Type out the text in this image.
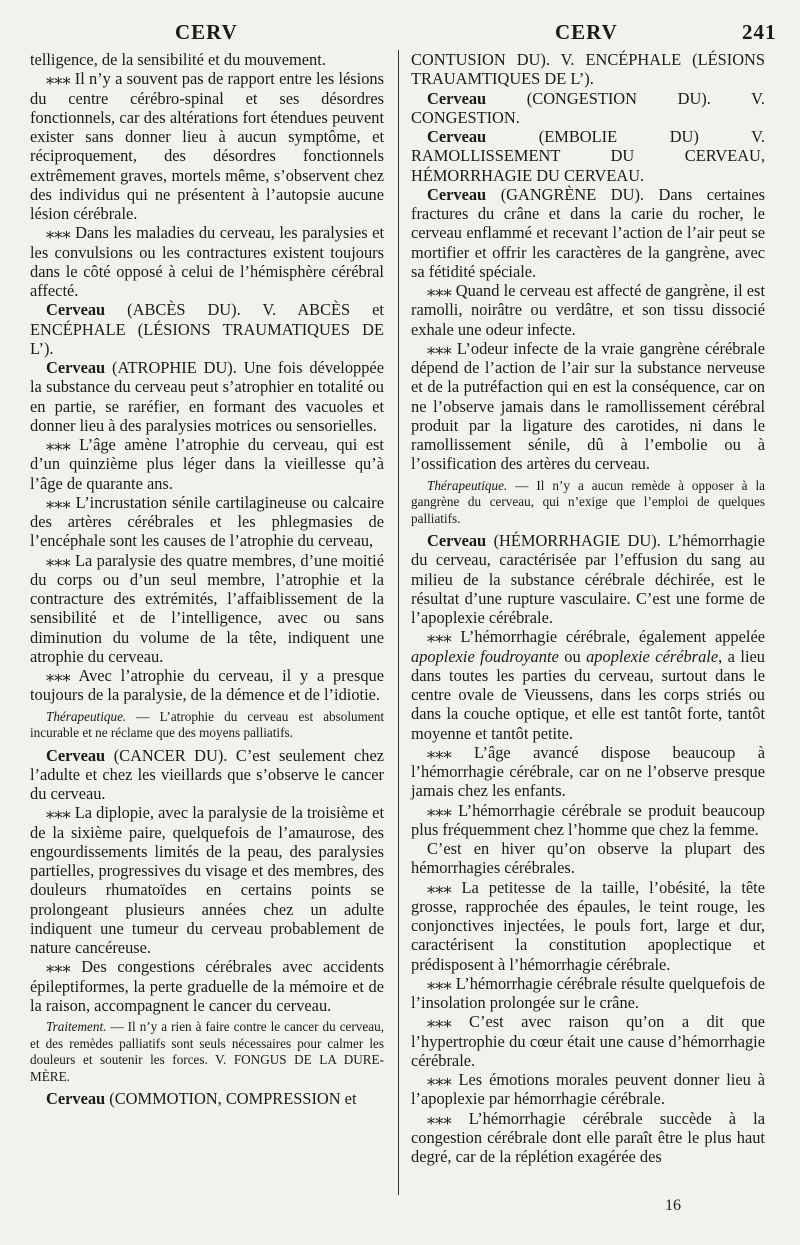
CERV	CERV	241

telligence, de la sensibilité et du mouvement.

⁎⁎⁎ Il n’y a souvent pas de rapport entre les lésions du centre cérébro-spinal et ses désordres fonctionnels, car des altérations fort étendues peuvent exister sans donner lieu à aucun symptôme, et réciproquement, des désordres fonctionnels extrêmement graves, mortels même, s’observent chez des individus qui ne présentent à l’autopsie aucune lésion cérébrale.

⁎⁎⁎ Dans les maladies du cerveau, les paralysies et les convulsions ou les contractures existent toujours dans le côté opposé à celui de l’hémisphère cérébral affecté.

Cerveau (ABCÈS DU). V. ABCÈS et ENCÉPHALE (LÉSIONS TRAUMATIQUES DE L’).

Cerveau (ATROPHIE DU). Une fois développée la substance du cerveau peut s’atrophier en totalité ou en partie, se raréfier, en formant des vacuoles et donner lieu à des paralysies motrices ou sensorielles.

⁎⁎⁎ L’âge amène l’atrophie du cerveau, qui est d’un quinzième plus léger dans la vieillesse qu’à l’âge de quarante ans.

⁎⁎⁎ L’incrustation sénile cartilagineuse ou calcaire des artères cérébrales et les phlegmasies de l’encéphale sont les causes de l’atrophie du cerveau,

⁎⁎⁎ La paralysie des quatre membres, d’une moitié du corps ou d’un seul membre, l’atrophie et la contracture des extrémités, l’affaiblissement de la sensibilité et de l’intelligence, avec ou sans diminution du volume de la tête, indiquent une atrophie du cerveau.

⁎⁎⁎ Avec l’atrophie du cerveau, il y a presque toujours de la paralysie, de la démence et de l’idiotie.

Thérapeutique. — L’atrophie du cerveau est absolument incurable et ne réclame que des moyens palliatifs.

Cerveau (CANCER DU). C’est seulement chez l’adulte et chez les vieillards que s’observe le cancer du cerveau.

⁎⁎⁎ La diplopie, avec la paralysie de la troisième et de la sixième paire, quelquefois de l’amaurose, des engourdissements limités de la peau, des paralysies partielles, progressives du visage et des membres, des douleurs rhumatoïdes en certains points se prolongeant plusieurs années chez un adulte indiquent une tumeur du cerveau probablement de nature cancéreuse.

⁎⁎⁎ Des congestions cérébrales avec accidents épileptiformes, la perte graduelle de la mémoire et de la raison, accompagnent le cancer du cerveau.

Traitement. — Il n’y a rien à faire contre le cancer du cerveau, et des remèdes palliatifs sont seuls nécessaires pour calmer les douleurs et soutenir les forces. V. FONGUS DE LA DURE-MÈRE.

Cerveau (COMMOTION, COMPRESSION et

CONTUSION DU). V. ENCÉPHALE (LÉSIONS TRAUAMTIQUES DE L’).

Cerveau (CONGESTION DU). V. CONGESTION.

Cerveau (EMBOLIE DU) V. RAMOLLISSEMENT DU CERVEAU, HÉMORRHAGIE DU CERVEAU.

Cerveau (GANGRÈNE DU). Dans certaines fractures du crâne et dans la carie du rocher, le cerveau enflammé et recevant l’action de l’air peut se mortifier et offrir les caractères de la gangrène, avec sa fétidité spéciale.

⁎⁎⁎ Quand le cerveau est affecté de gangrène, il est ramolli, noirâtre ou verdâtre, et son tissu dissocié exhale une odeur infecte.

⁎⁎⁎ L’odeur infecte de la vraie gangrène cérébrale dépend de l’action de l’air sur la substance nerveuse et de la putréfaction qui en est la conséquence, car on ne l’observe jamais dans le ramollissement cérébral produit par la ligature des carotides, ni dans le ramollissement sénile, dû à l’embolie ou à l’ossification des artères du cerveau.

Thérapeutique. — Il n’y a aucun remède à opposer à la gangrène du cerveau, qui n’exige que l’emploi de quelques palliatifs.

Cerveau (HÉMORRHAGIE DU). L’hémorrhagie du cerveau, caractérisée par l’effusion du sang au milieu de la substance cérébrale déchirée, est le résultat d’une rupture vasculaire. C’est une forme de l’apoplexie cérébrale.

⁎⁎⁎ L’hémorrhagie cérébrale, également appelée apoplexie foudroyante ou apoplexie cérébrale, a lieu dans toutes les parties du cerveau, surtout dans le centre ovale de Vieussens, dans les corps striés ou dans la couche optique, et elle est tantôt forte, tantôt moyenne et tantôt petite.

⁎⁎⁎ L’âge avancé dispose beaucoup à l’hémorrhagie cérébrale, car on ne l’observe presque jamais chez les enfants.

⁎⁎⁎ L’hémorrhagie cérébrale se produit beaucoup plus fréquemment chez l’homme que chez la femme.

C’est en hiver qu’on observe la plupart des hémorrhagies cérébrales.

⁎⁎⁎ La petitesse de la taille, l’obésité, la tête grosse, rapprochée des épaules, le teint rouge, les conjonctives injectées, le pouls fort, large et dur, caractérisent la constitution apoplectique et prédisposent à l’hémorrhagie cérébrale.

⁎⁎⁎ L’hémorrhagie cérébrale résulte quelquefois de l’insolation prolongée sur le crâne.

⁎⁎⁎ C’est avec raison qu’on a dit que l’hypertrophie du cœur était une cause d’hémorrhagie cérébrale.

⁎⁎⁎ Les émotions morales peuvent donner lieu à l’apoplexie par hémorrhagie cérébrale.

⁎⁎⁎ L’hémorrhagie cérébrale succède à la congestion cérébrale dont elle paraît être le plus haut degré, car de la réplétion exagérée des

16
